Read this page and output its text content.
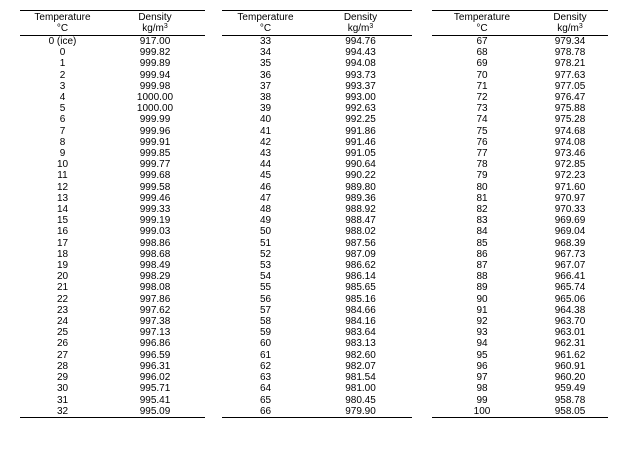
Temperature	Density
°C	$kg/m^3$
0 (ice)	917.00
0	999.82
1	999.89
2	999.94
3	999.98
4	1000.00
5	1000.00
6	999.99
7	999.96
8	999.91
9	999.85
10	999.77
11	999.68
12	999.58
13	999.46
14	999.33
15	999.19
16	999.03
17	998.86
18	998.68
19	998.49
20	998.29
21	998.08
22	997.86
23	997.62
24	997.38
25	997.13
26	996.86
27	996.59
28	996.31
29	996.02
30	995.71
31	995.41
32	995.09
Temperature	Density
°C	$kg/m^3$
33	994.76
34	994.43
35	994.08
36	993.73
37	993.37
38	993.00
39	992.63
40	992.25
41	991.86
42	991.46
43	991.05
44	990.64
45	990.22
46	989.80
47	989.36
48	988.92
49	988.47
50	988.02
51	987.56
52	987.09
53	986.62
54	986.14
55	985.65
56	985.16
57	984.66
58	984.16
59	983.64
60	983.13
61	982.60
62	982.07
63	981.54
64	981.00
65	980.45
66	979.90
Temperature	Density
°C	$kg/m^3$
67	979.34
68	978.78
69	978.21
70	977.63
71	977.05
72	976.47
73	975.88
74	975.28
75	974.68
76	974.08
77	973.46
78	972.85
79	972.23
80	971.60
81	970.97
82	970.33
83	969.69
84	969.04
85	968.39
86	967.73
87	967.07
88	966.41
89	965.74
90	965.06
91	964.38
92	963.70
93	963.01
94	962.31
95	961.62
96	960.91
97	960.20
98	959.49
99	958.78
100	958.05
